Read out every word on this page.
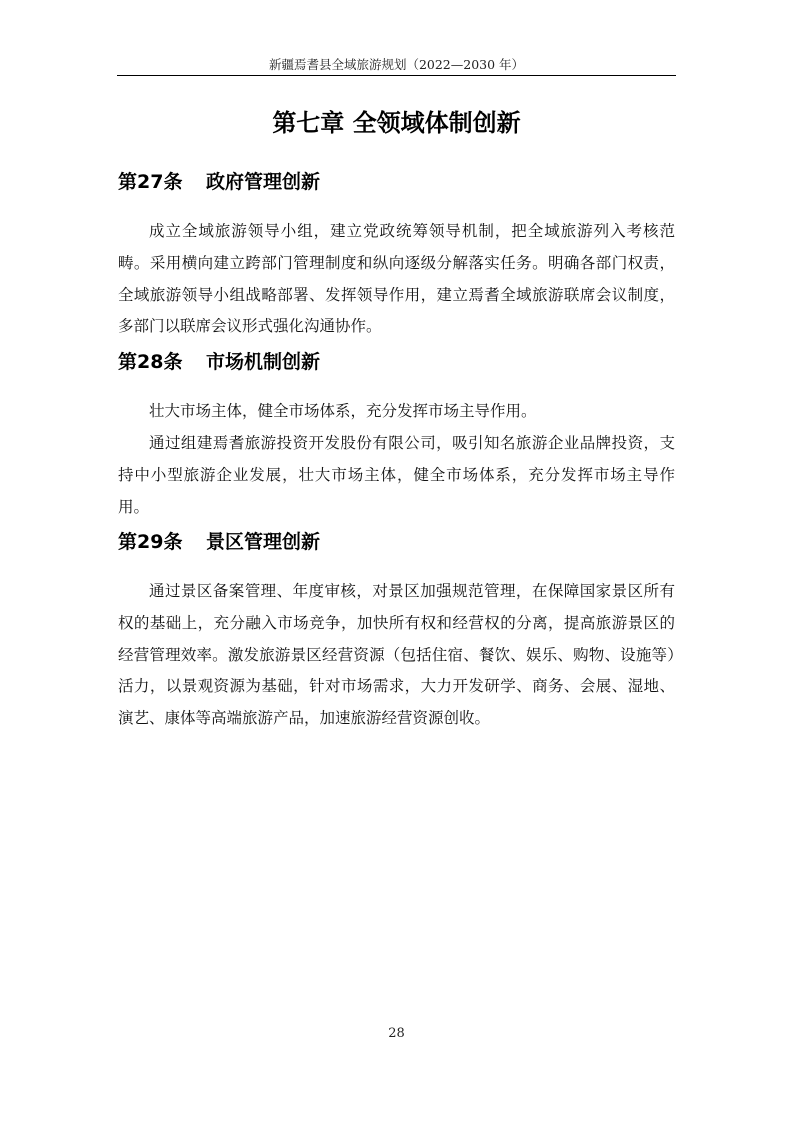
新疆焉耆县全域旅游规划（2022—2030 年）
第七章 全领域体制创新
第27条 政府管理创新

成立全域旅游领导小组，建立党政统筹领导机制，把全域旅游列入考核范畴。采用横向建立跨部门管理制度和纵向逐级分解落实任务。明确各部门权责，全域旅游领导小组战略部署、发挥领导作用，建立焉耆全域旅游联席会议制度，多部门以联席会议形式强化沟通协作。

第28条 市场机制创新

壮大市场主体，健全市场体系，充分发挥市场主导作用。

通过组建焉耆旅游投资开发股份有限公司，吸引知名旅游企业品牌投资，支持中小型旅游企业发展，壮大市场主体，健全市场体系，充分发挥市场主导作用。

第29条 景区管理创新

通过景区备案管理、年度审核，对景区加强规范管理，在保障国家景区所有权的基础上，充分融入市场竞争，加快所有权和经营权的分离，提高旅游景区的经营管理效率。激发旅游景区经营资源（包括住宿、餐饮、娱乐、购物、设施等）活力，以景观资源为基础，针对市场需求，大力开发研学、商务、会展、湿地、演艺、康体等高端旅游产品，加速旅游经营资源创收。

28
